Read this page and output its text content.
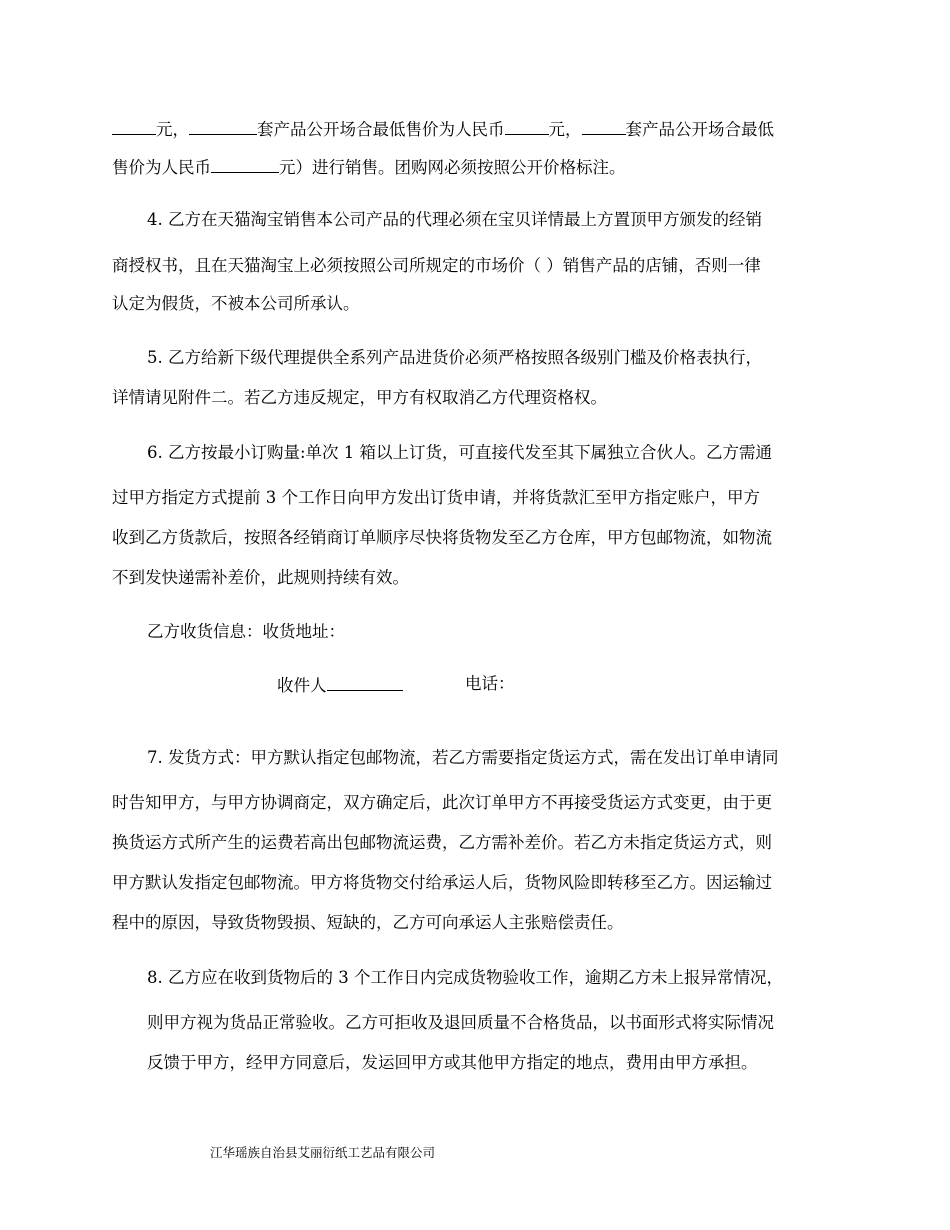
元，	套产品公开场合最低售价为人民币	元，	套产品公开场合最低
售价为人民币	元）进行销售。团购网必须按照公开价格标注。
4. 乙方在天猫淘宝销售本公司产品的代理必须在宝贝详情最上方置顶甲方颁发的经销
商授权书，且在天猫淘宝上必须按照公司所规定的市场价（ ）销售产品的店铺，否则一律
认定为假货，不被本公司所承认。
5. 乙方给新下级代理提供全系列产品进货价必须严格按照各级别门槛及价格表执行，
详情请见附件二。若乙方违反规定，甲方有权取消乙方代理资格权。
6. 乙方按最小订购量:单次 1 箱以上订货，可直接代发至其下属独立合伙人。乙方需通
过甲方指定方式提前 3 个工作日向甲方发出订货申请，并将货款汇至甲方指定账户，甲方
收到乙方货款后，按照各经销商订单顺序尽快将货物发至乙方仓库，甲方包邮物流，如物流
不到发快递需补差价，此规则持续有效。
乙方收货信息：收货地址：
收件人	电话：
7. 发货方式：甲方默认指定包邮物流，若乙方需要指定货运方式，需在发出订单申请同
时告知甲方，与甲方协调商定，双方确定后，此次订单甲方不再接受货运方式变更，由于更
换货运方式所产生的运费若高出包邮物流运费，乙方需补差价。若乙方未指定货运方式，则
甲方默认发指定包邮物流。甲方将货物交付给承运人后，货物风险即转移至乙方。因运输过
程中的原因，导致货物毁损、短缺的，乙方可向承运人主张赔偿责任。
8. 乙方应在收到货物后的 3 个工作日内完成货物验收工作，逾期乙方未上报异常情况，
则甲方视为货品正常验收。乙方可拒收及退回质量不合格货品，以书面形式将实际情况
反馈于甲方，经甲方同意后，发运回甲方或其他甲方指定的地点，费用由甲方承担。
江华瑶族自治县艾丽衍纸工艺品有限公司
